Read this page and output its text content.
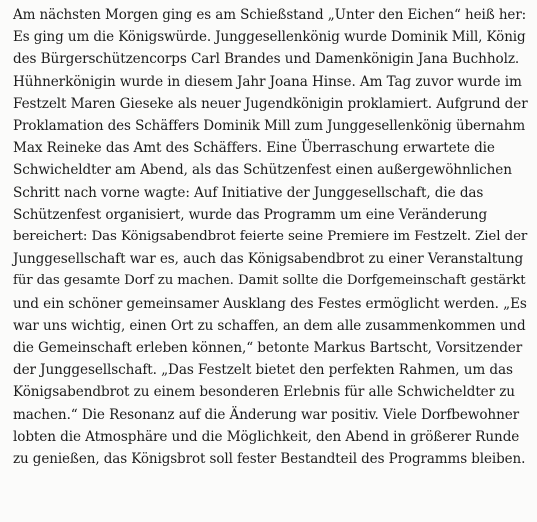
Am nächsten Morgen ging es am Schießstand „Unter den Eichen“ heiß her:
Es ging um die Königswürde. Junggesellenkönig wurde Dominik Mill, König
des Bürgerschützencorps Carl Brandes und Damenkönigin Jana Buchholz.
Hühnerkönigin wurde in diesem Jahr Joana Hinse. Am Tag zuvor wurde im
Festzelt Maren Gieseke als neuer Jugendkönigin proklamiert. Aufgrund der
Proklamation des Schäffers Dominik Mill zum Junggesellenkönig übernahm
Max Reineke das Amt des Schäffers. Eine Überraschung erwartete die
Schwicheldter am Abend, als das Schützenfest einen außergewöhnlichen
Schritt nach vorne wagte: Auf Initiative der Junggesellschaft, die das
Schützenfest organisiert, wurde das Programm um eine Veränderung
bereichert: Das Königsabendbrot feierte seine Premiere im Festzelt. Ziel der
Junggesellschaft war es, auch das Königsabendbrot zu einer Veranstaltung
für das gesamte Dorf zu machen. Damit sollte die Dorfgemeinschaft gestärkt
und ein schöner gemeinsamer Ausklang des Festes ermöglicht werden. „Es
war uns wichtig, einen Ort zu schaffen, an dem alle zusammenkommen und
die Gemeinschaft erleben können,“ betonte Markus Bartscht, Vorsitzender
der Junggesellschaft. „Das Festzelt bietet den perfekten Rahmen, um das
Königsabendbrot zu einem besonderen Erlebnis für alle Schwicheldter zu
machen.“ Die Resonanz auf die Änderung war positiv. Viele Dorfbewohner
lobten die Atmosphäre und die Möglichkeit, den Abend in größerer Runde
zu genießen, das Königsbrot soll fester Bestandteil des Programms bleiben.
